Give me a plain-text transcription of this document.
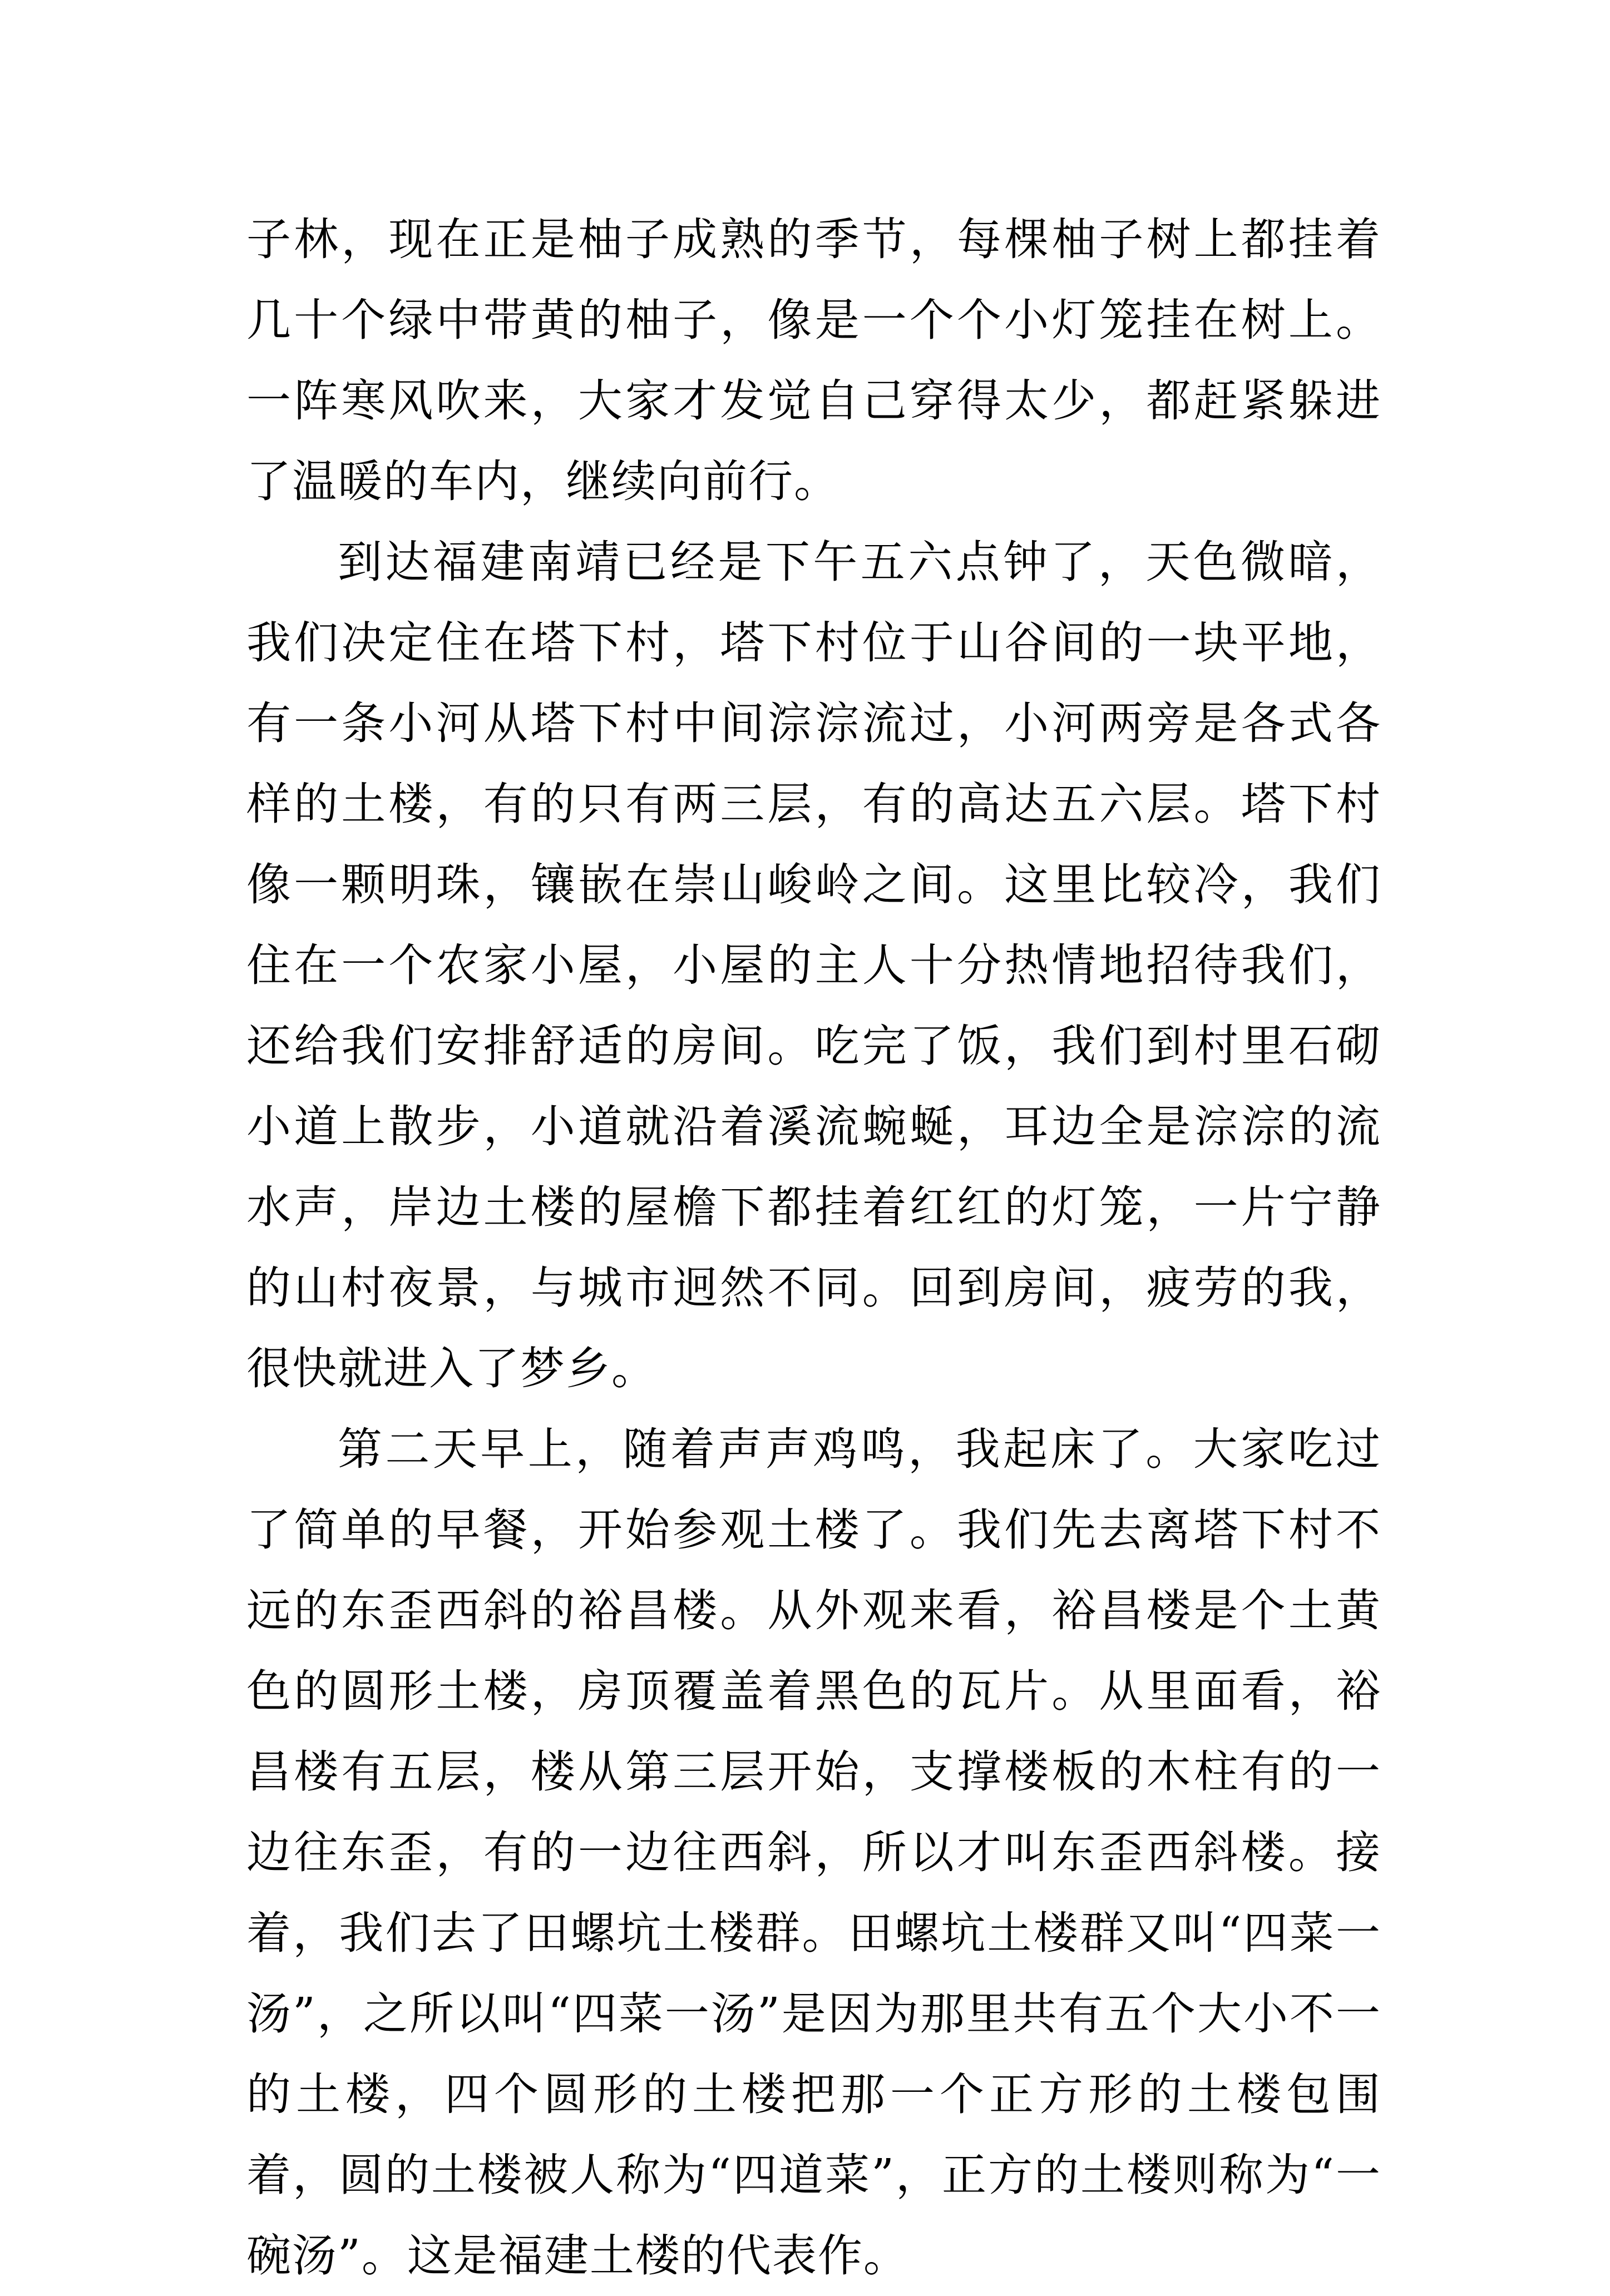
子林，现在正是柚子成熟的季节，每棵柚子树上都挂着几十个绿中带黄的柚子，像是一个个小灯笼挂在树上。一阵寒风吹来，大家才发觉自己穿得太少，都赶紧躲进了温暖的车内，继续向前行。

到达福建南靖已经是下午五六点钟了，天色微暗，我们决定住在塔下村，塔下村位于山谷间的一块平地，有一条小河从塔下村中间淙淙流过，小河两旁是各式各样的土楼，有的只有两三层，有的高达五六层。塔下村像一颗明珠，镶嵌在崇山峻岭之间。这里比较冷，我们住在一个农家小屋，小屋的主人十分热情地招待我们，还给我们安排舒适的房间。吃完了饭，我们到村里石砌小道上散步，小道就沿着溪流蜿蜒，耳边全是淙淙的流水声，岸边土楼的屋檐下都挂着红红的灯笼，一片宁静的山村夜景，与城市迥然不同。回到房间，疲劳的我，很快就进入了梦乡。

第二天早上，随着声声鸡鸣，我起床了。大家吃过了简单的早餐，开始参观土楼了。我们先去离塔下村不远的东歪西斜的裕昌楼。从外观来看，裕昌楼是个土黄色的圆形土楼，房顶覆盖着黑色的瓦片。从里面看，裕昌楼有五层，楼从第三层开始，支撑楼板的木柱有的一边往东歪，有的一边往西斜，所以才叫东歪西斜楼。接着，我们去了田螺坑土楼群。田螺坑土楼群又叫“四菜一汤”，之所以叫“四菜一汤”是因为那里共有五个大小不一的土楼，四个圆形的土楼把那一个正方形的土楼包围着，圆的土楼被人称为“四道菜”，正方的土楼则称为“一碗汤”。这是福建土楼的代表作。
